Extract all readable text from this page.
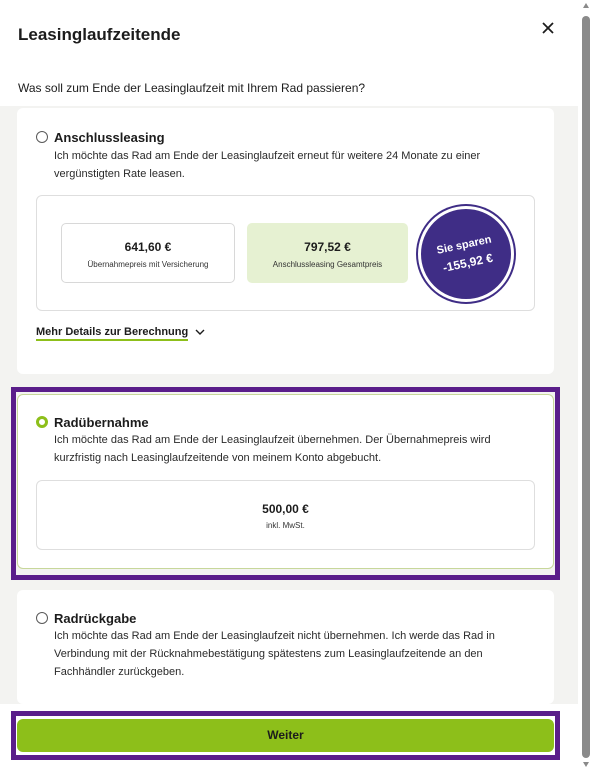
Leasinglaufzeitende
Was soll zum Ende der Leasinglaufzeit mit Ihrem Rad passieren?
Anschlussleasing
Ich möchte das Rad am Ende der Leasinglaufzeit erneut für weitere 24 Monate zu einer vergünstigten Rate leasen.
641,60 €
Übernahmepreis mit Versicherung
797,52 €
Anschlussleasing Gesamtpreis
Sie sparen
-155,92 €
Mehr Details zur Berechnung
Radübernahme
Ich möchte das Rad am Ende der Leasinglaufzeit übernehmen. Der Übernahmepreis wird kurzfristig nach Leasinglaufzeitende von meinem Konto abgebucht.
500,00 €
inkl. MwSt.
Radrückgabe
Ich möchte das Rad am Ende der Leasinglaufzeit nicht übernehmen. Ich werde das Rad in Verbindung mit der Rücknahmebestätigung spätestens zum Leasinglaufzeitende an den Fachhändler zurückgeben.
Weiter
